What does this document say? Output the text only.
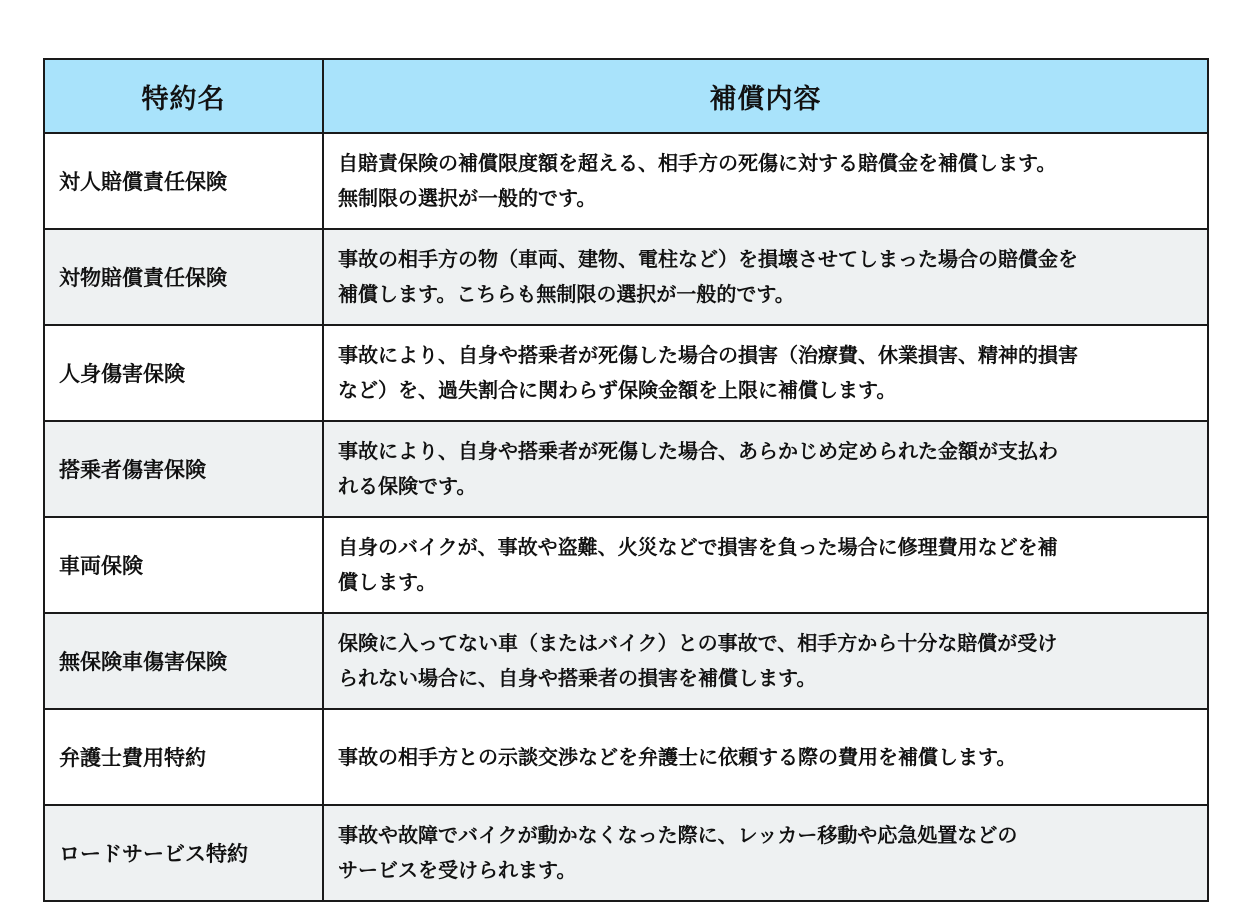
特約名	補償内容
対人賠償責任保険	自賠責保険の補償限度額を超える、相手方の死傷に対する賠償金を補償します。
無制限の選択が一般的です。

対物賠償責任保険	事故の相手方の物（車両、建物、電柱など）を損壊させてしまった場合の賠償金を
補償します。こちらも無制限の選択が一般的です。

人身傷害保険	事故により、自身や搭乗者が死傷した場合の損害（治療費、休業損害、精神的損害
など）を、過失割合に関わらず保険金額を上限に補償します。

搭乗者傷害保険	事故により、自身や搭乗者が死傷した場合、あらかじめ定められた金額が支払わ
れる保険です。

車両保険	自身のバイクが、事故や盗難、火災などで損害を負った場合に修理費用などを補
償します。

無保険車傷害保険	保険に入ってない車（またはバイク）との事故で、相手方から十分な賠償が受け
られない場合に、自身や搭乗者の損害を補償します。

弁護士費用特約	事故の相手方との示談交渉などを弁護士に依頼する際の費用を補償します。

ロードサービス特約	事故や故障でバイクが動かなくなった際に、レッカー移動や応急処置などの
サービスを受けられます。
